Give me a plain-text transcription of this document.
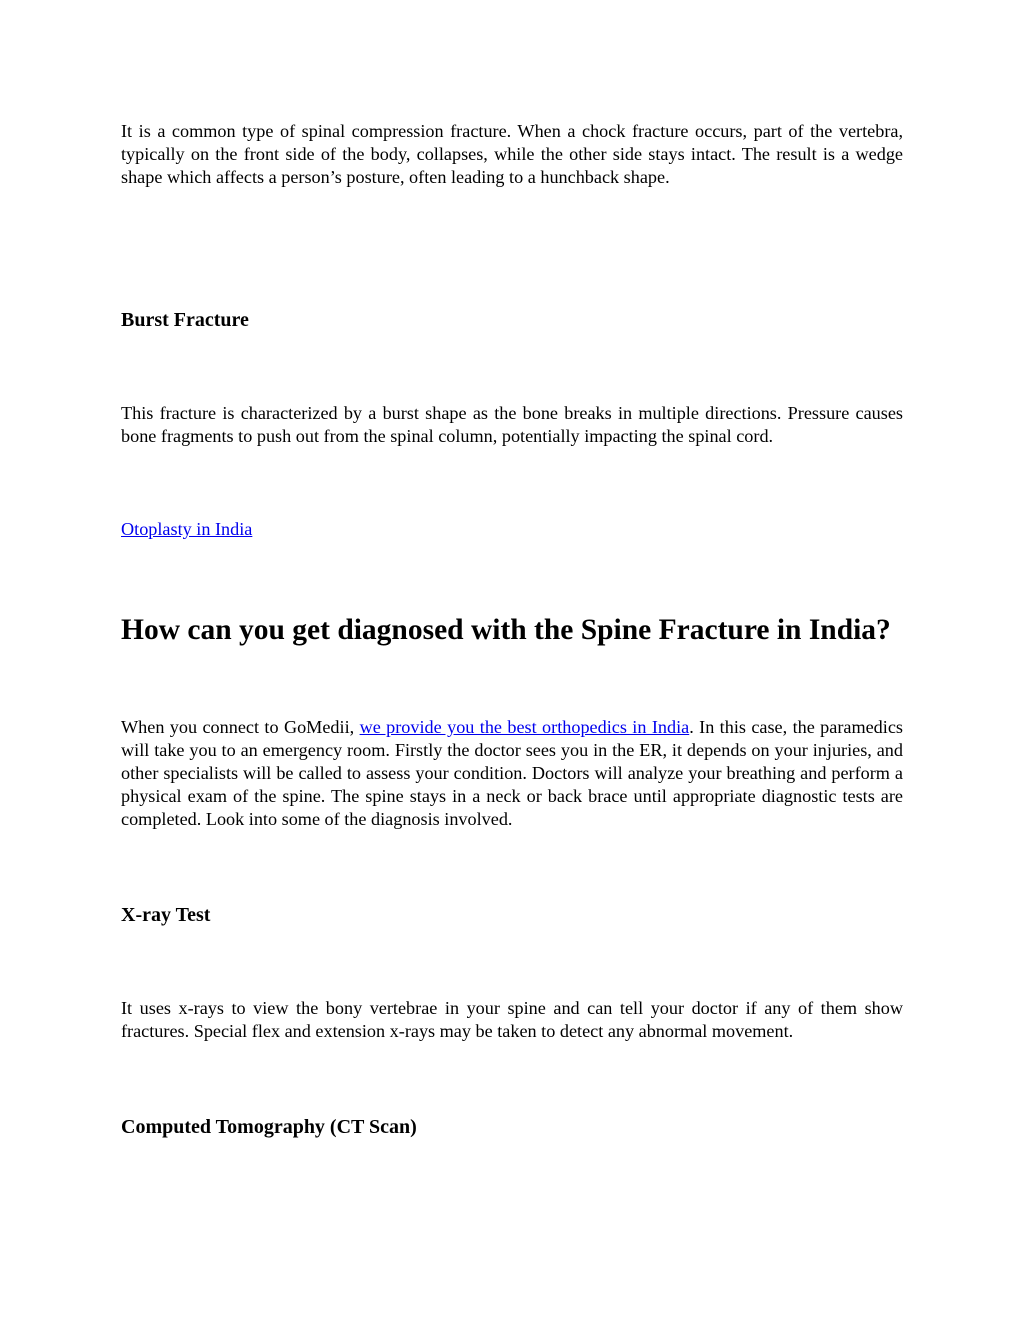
It is a common type of spinal compression fracture. When a chock fracture occurs, part of the vertebra, typically on the front side of the body, collapses, while the other side stays intact. The result is a wedge shape which affects a person’s posture, often leading to a hunchback shape.

Burst Fracture

This fracture is characterized by a burst shape as the bone breaks in multiple directions. Pressure causes bone fragments to push out from the spinal column, potentially impacting the spinal cord.

Otoplasty in India
How can you get diagnosed with the Spine Fracture in India?

When you connect to GoMedii, we provide you the best orthopedics in India. In this case, the paramedics will take you to an emergency room. Firstly the doctor sees you in the ER, it depends on your injuries, and other specialists will be called to assess your condition. Doctors will analyze your breathing and perform a physical exam of the spine. The spine stays in a neck or back brace until appropriate diagnostic tests are completed. Look into some of the diagnosis involved.

X-ray Test

It uses x-rays to view the bony vertebrae in your spine and can tell your doctor if any of them show fractures. Special flex and extension x-rays may be taken to detect any abnormal movement.

Computed Tomography (CT Scan)
